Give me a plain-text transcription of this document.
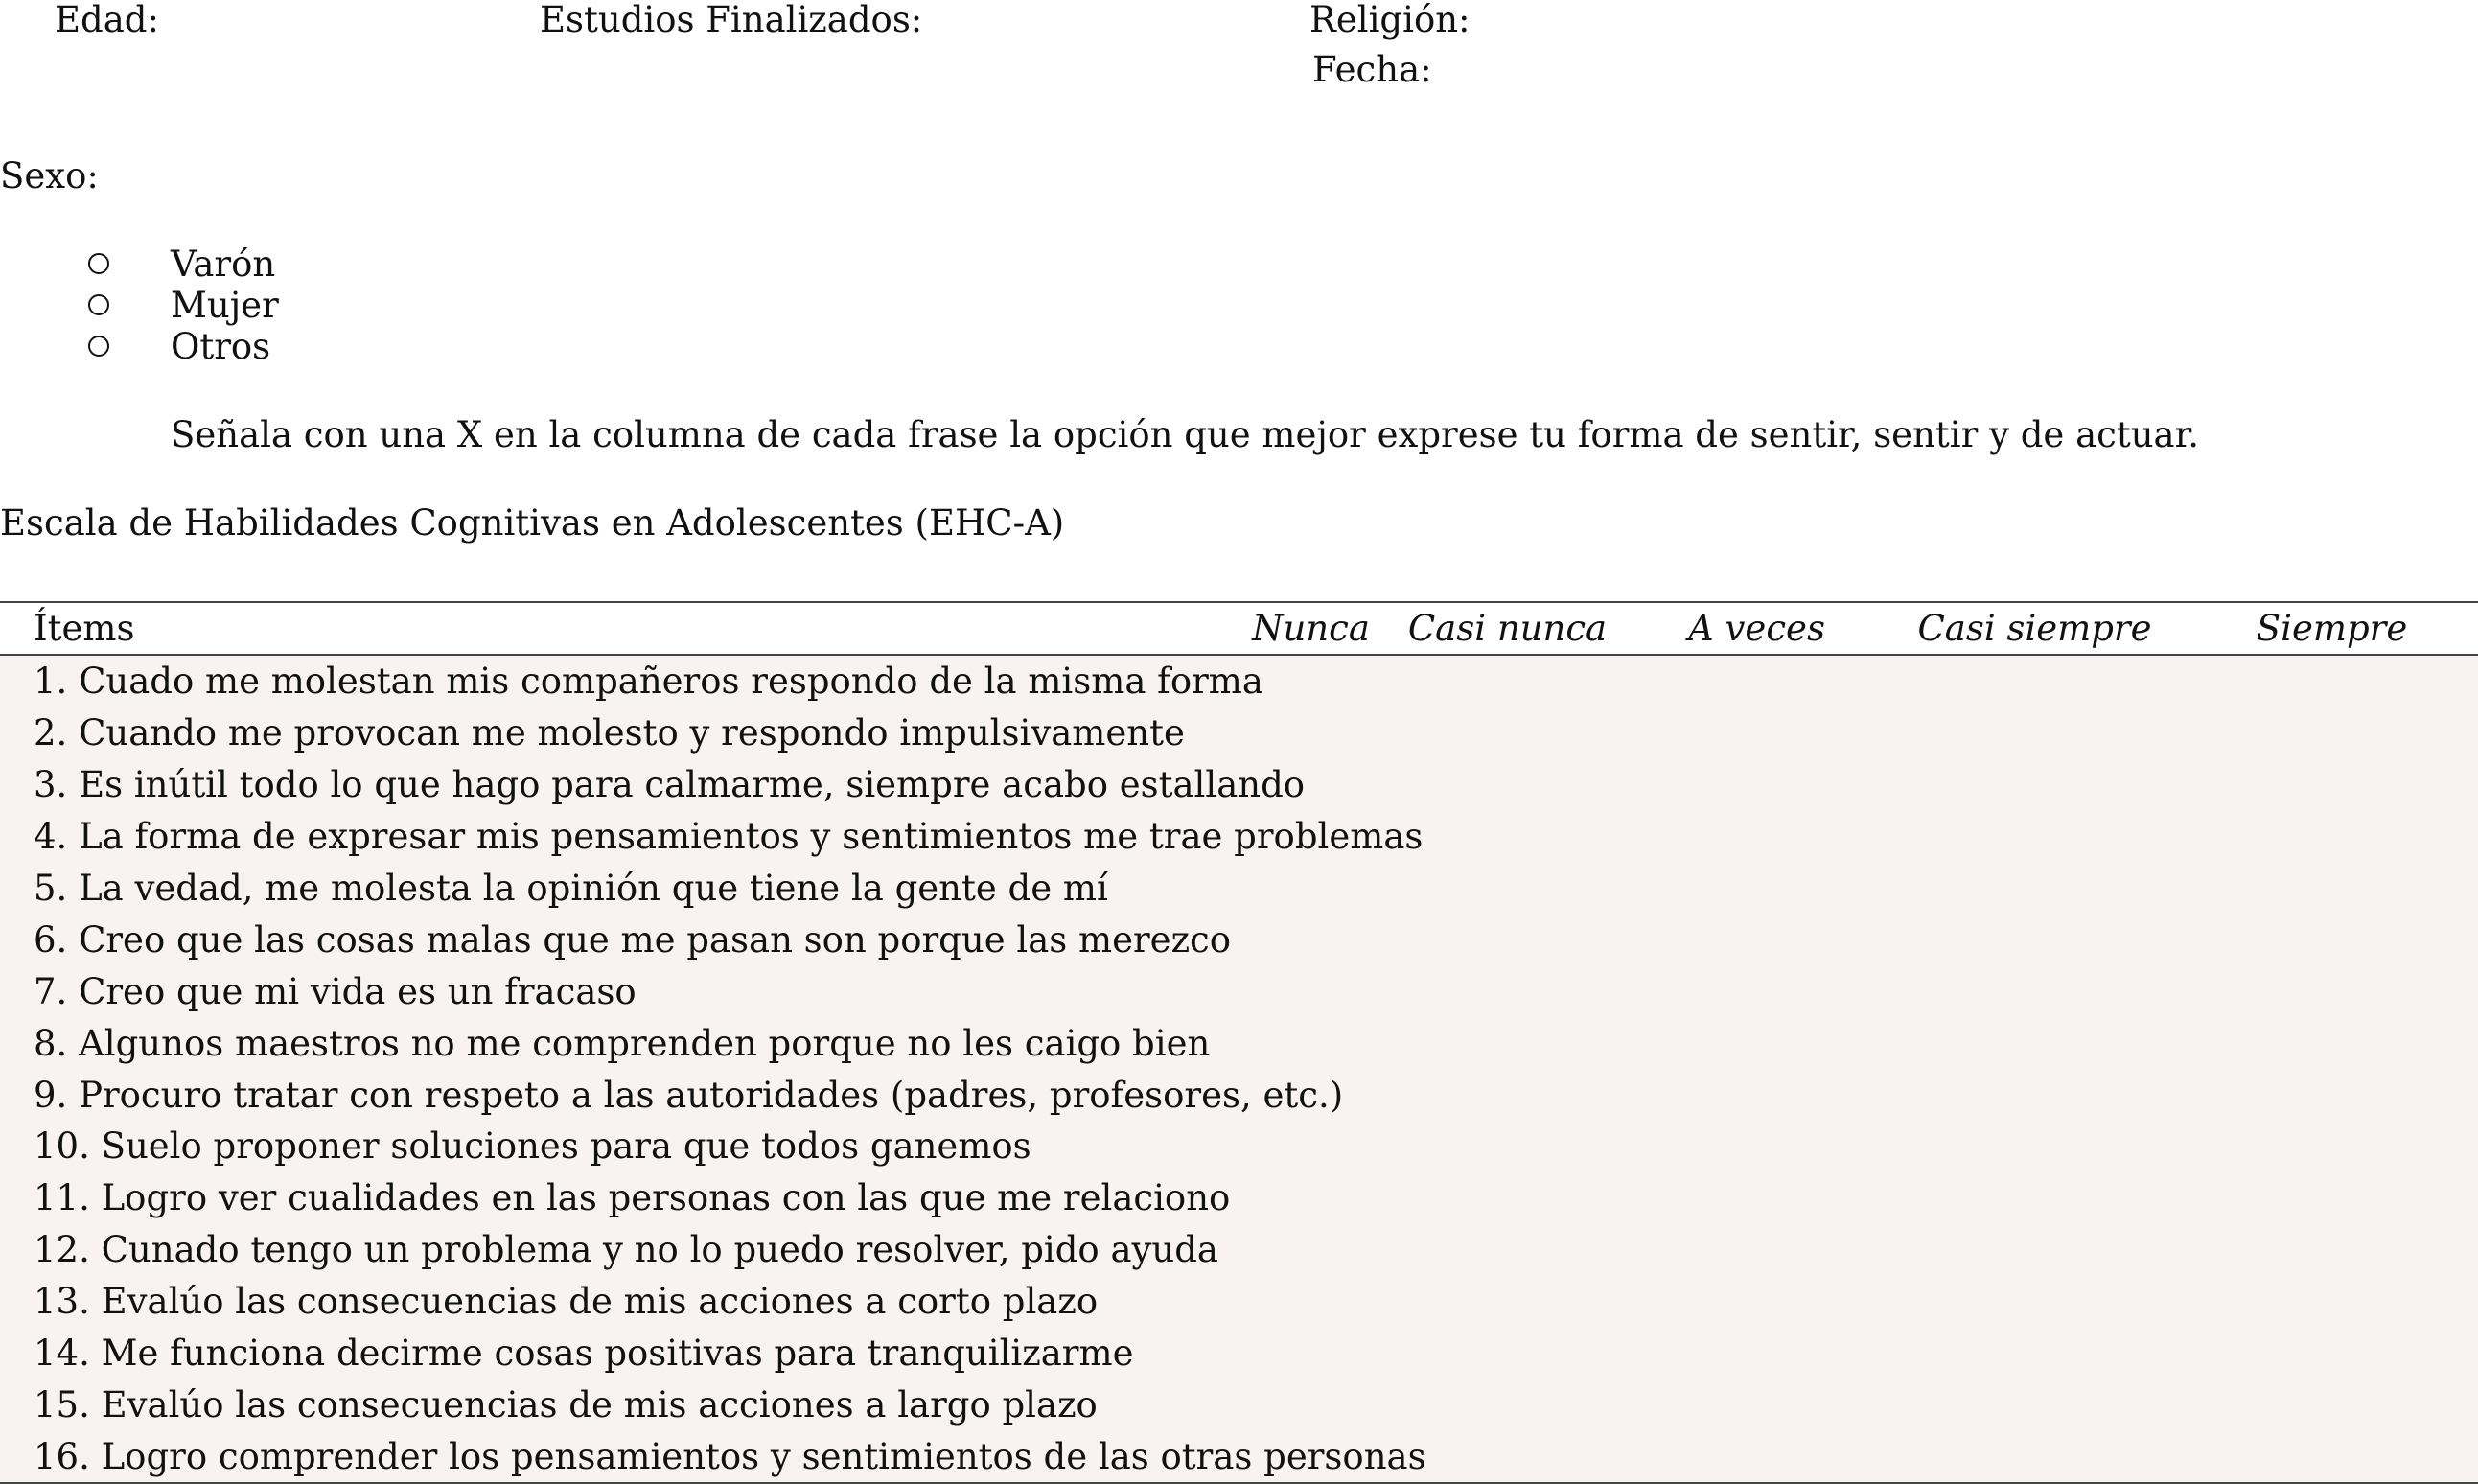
Edad:	Estudios Finalizados:	Religión:
Fecha:
Sexo:
Varón
Mujer
Otros
Señala con una X en la columna de cada frase la opción que mejor exprese tu forma de sentir, sentir y de actuar.
Escala de Habilidades Cognitivas en Adolescentes (EHC-A)
Ítems	Nunca	Casi nunca	A veces	Casi siempre	Siempre
1. Cuado me molestan mis compañeros respondo de la misma forma					
2. Cuando me provocan me molesto y respondo impulsivamente					
3. Es inútil todo lo que hago para calmarme, siempre acabo estallando					
4. La forma de expresar mis pensamientos y sentimientos me trae problemas					
5. La vedad, me molesta la opinión que tiene la gente de mí					
6. Creo que las cosas malas que me pasan son porque las merezco					
7. Creo que mi vida es un fracaso					
8. Algunos maestros no me comprenden porque no les caigo bien					
9. Procuro tratar con respeto a las autoridades (padres, profesores, etc.)					
10. Suelo proponer soluciones para que todos ganemos					
11. Logro ver cualidades en las personas con las que me relaciono					
12. Cunado tengo un problema y no lo puedo resolver, pido ayuda					
13. Evalúo las consecuencias de mis acciones a corto plazo					
14. Me funciona decirme cosas positivas para tranquilizarme					
15. Evalúo las consecuencias de mis acciones a largo plazo					
16. Logro comprender los pensamientos y sentimientos de las otras personas					
